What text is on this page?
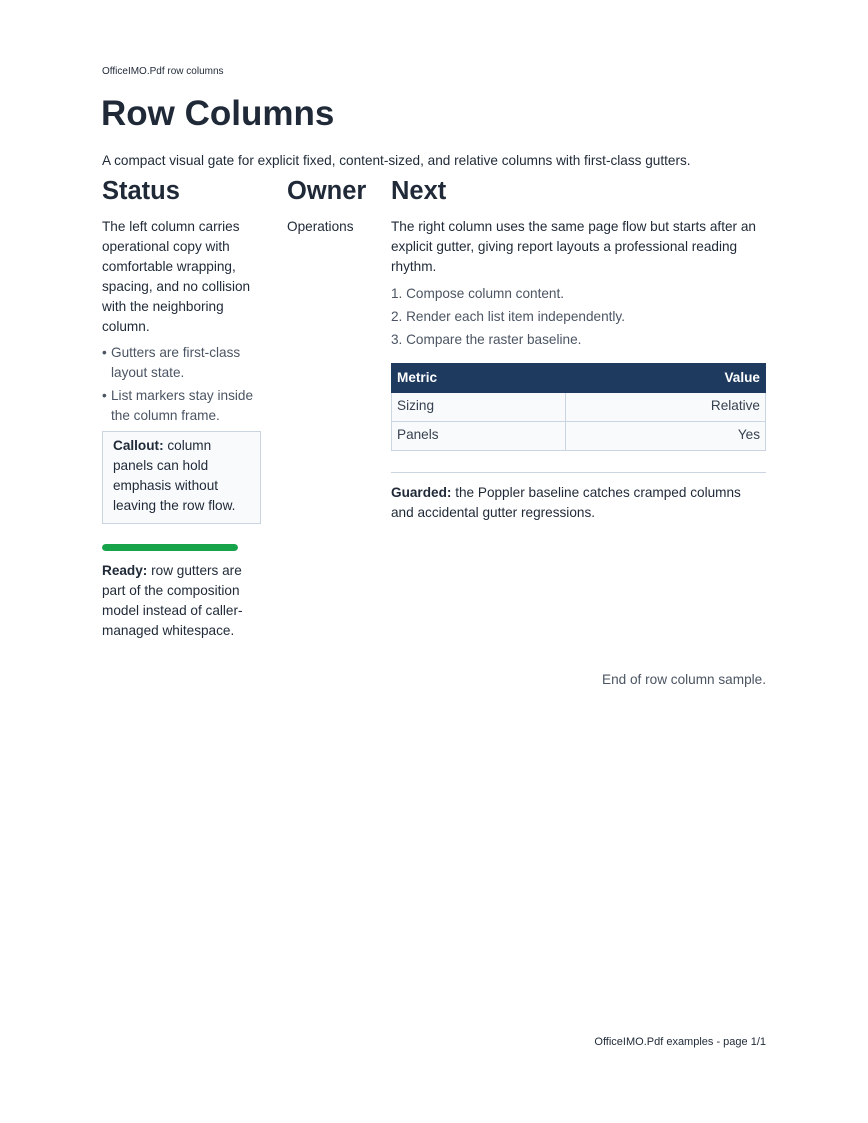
OfficeIMO.Pdf row columns
Row Columns
A compact visual gate for explicit fixed, content-sized, and relative columns with first-class gutters.
Status

The left column carries operational copy with comfortable wrapping, spacing, and no collision with the neighboring column.

• Gutters are first-class layout state.
• List markers stay inside the column frame.
Callout: column panels can hold emphasis without leaving the row flow.
Ready: row gutters are part of the composition model instead of caller-managed whitespace.
Owner

Operations

Next

The right column uses the same page flow but starts after an explicit gutter, giving report layouts a professional reading rhythm.

1. Compose column content.
2. Render each list item independently.
3. Compare the raster baseline.
Metric	Value
Sizing	Relative
Panels	Yes
Guarded: the Poppler baseline catches cramped columns and accidental gutter regressions.
End of row column sample.
OfficeIMO.Pdf examples - page 1/1
